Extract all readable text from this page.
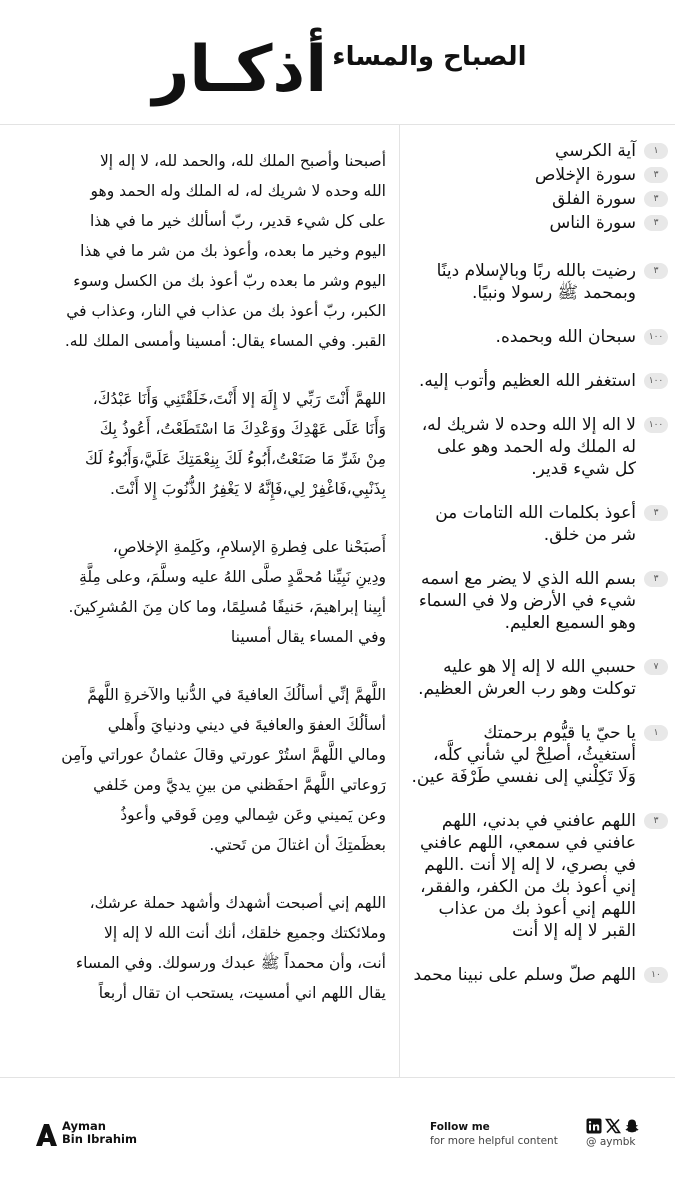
الصباح والمساء أذكـار
١
آية الكرسي
٣
سورة الإخلاص
٣
سورة الفلق
٣
سورة الناس
٣
رضيت بالله ربًا وبالإسلام دينًا
وبمحمد ﷺ رسولا ونبيًا.
١٠٠
سبحان الله وبحمده.
١٠٠
استغفر الله العظيم وأتوب إليه.
١٠٠
لا اله إلا الله وحده لا شريك له،
له الملك وله الحمد وهو على
كل شيء قدير.
٣
أعوذ بكلمات الله التامات من
شر من خلق.
٣
بسم الله الذي لا يضر مع اسمه
شيء في الأرض ولا في السماء
وهو السميع العليم.
٧
حسبي الله لا إله إلا هو عليه
توكلت وهو رب العرش العظيم.
١
يا حيّ يا قيُّوم برحمتك
أستغيثُ، أصلِحْ لي شأني كلَّه،
وَلَا تَكِلْني إلى نفسي طَرْفَة عين.
٣
اللهم عافني في بدني، اللهم
عافني في سمعي، اللهم عافني
في بصري، لا إله إلا أنت .اللهم
إني أعوذ بك من الكفر، والفقر،
اللهم إني أعوذ بك من عذاب
القبر لا إله إلا أنت
١٠
اللهم صلّ وسلم على نبينا محمد
أصبحنا وأصبح الملك لله، والحمد لله، لا إله إلا
الله وحده لا شريك له، له الملك وله الحمد وهو
على كل شيء قدير، ربّ أسألك خير ما في هذا
اليوم وخير ما بعده، وأعوذ بك من شر ما في هذا
اليوم وشر ما بعده ربّ أعوذ بك من الكسل وسوء
الكبر، ربّ أعوذ بك من عذاب في النار، وعذاب في
القبر. وفي المساء يقال: أمسينا وأمسى الملك لله.
اللهمَّ أَنْتَ رَبِّي لا إِلَهَ إلا أَنْتَ،خَلَقْتَنِي وَأَنَا عَبْدُكَ،
وَأَنَا عَلَى عَهْدِكَ ووَعْدِكَ مَا اسْتَطَعْتُ، أَعُوذُ بِكَ
مِنْ شَرِّ مَا صَنَعْتُ،أَبُوءُ لَكَ بِنِعْمَتِكَ عَلَيَّ،وَأَبُوءُ لَكَ
بِذَنْبِي،فَاغْفِرْ لِي،فَإِنَّهُ لا يَغْفِرُ الذُّنُوبَ إِلا أَنْتَ.
أَصبَحْنا على فِطرةِ الإسلامِ، وكَلِمةِ الإخلاصِ،
ودِينِ نَبِيِّنا مُحمَّدٍ صلَّى اللهُ عليه وسلَّمَ، وعلى مِلَّةِ
أبِينا إبراهيمَ، حَنيفًا مُسلِمًا، وما كان مِنَ المُشرِكينَ.
وفي المساء يقال أمسينا
اللَّهمَّ إنِّي أسألُكَ العافيةَ في الدُّنيا والآخرةِ اللَّهمَّ
أسألُكَ العفوَ والعافيةَ في ديني ودنيايَ وأَهلي
ومالي اللَّهمَّ استُرْ عورتي وقالَ عثمانُ عوراتي وآمِن
رَوعاتي اللَّهمَّ احفَظني من بينِ يديَّ ومن خَلفي
وعن يَميني وعَن شِمالي ومِن فَوقي وأعوذُ
بعظَمتِكَ أن اغتالَ من تَحتي.
اللهم إني أصبحت أشهدك وأشهد حملة عرشك،
وملائكتك وجميع خلقك، أنك أنت الله لا إله إلا
أنت، وأن محمداً ﷺ عبدك ورسولك. وفي المساء
يقال اللهم اني أمسيت، يستحب ان تقال أربعاً
Ayman
Bin Ibrahim
Follow me
for more helpful content	@ aymbk
